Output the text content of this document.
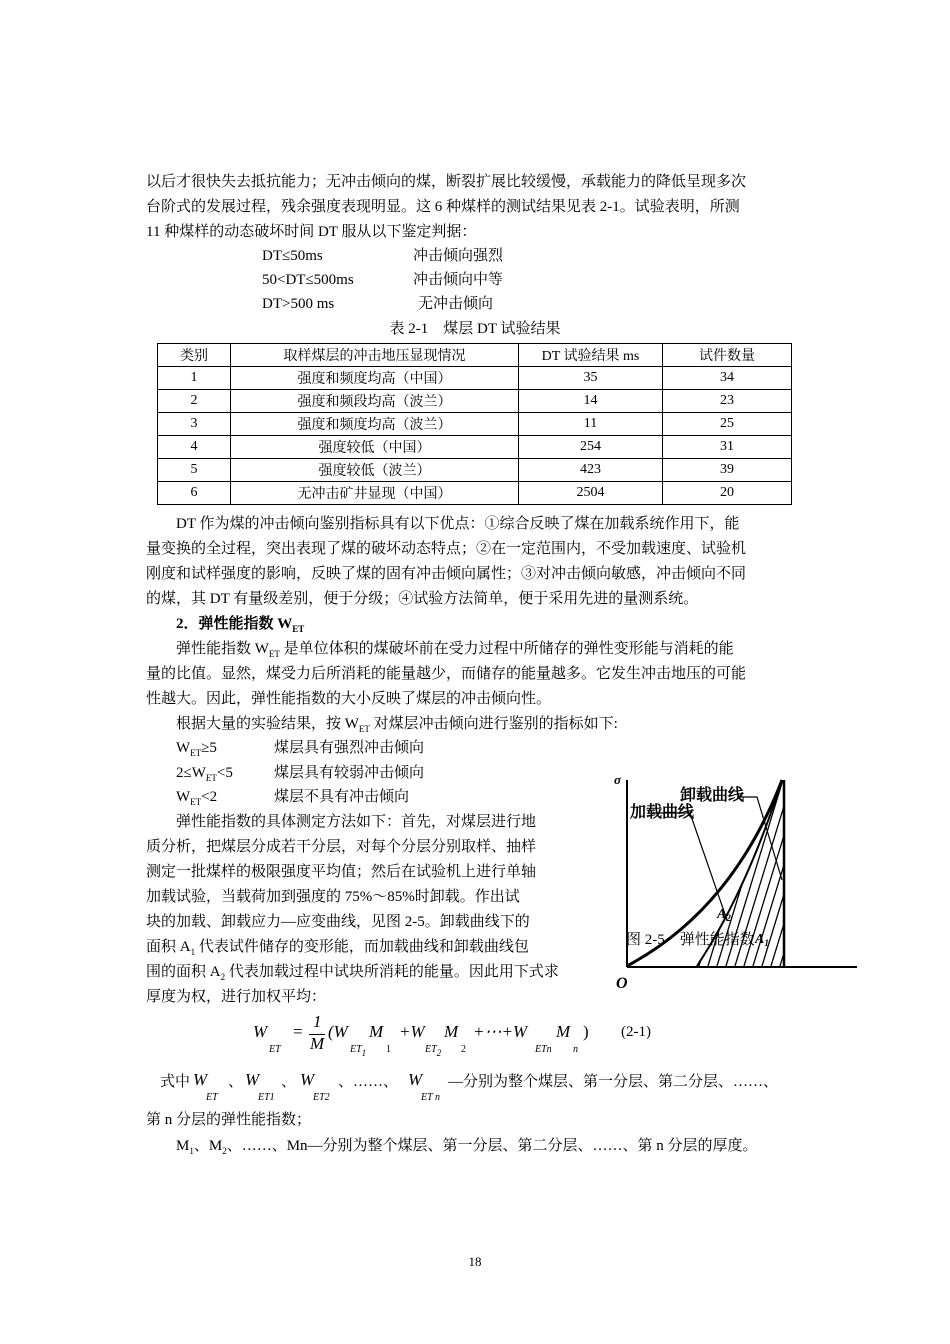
以后才很快失去抵抗能力；无冲击倾向的煤，断裂扩展比较缓慢，承载能力的降低呈现多次
台阶式的发展过程，残余强度表现明显。这 6 种煤样的测试结果见表 2-1。试验表明，所测
11 种煤样的动态破坏时间 DT 服从以下鉴定判据：
DT≤50ms	冲击倾向强烈
50<DT≤500ms	冲击倾向中等
DT>500 ms	无冲击倾向
表 2-1　煤层 DT 试验结果
类别	取样煤层的冲击地压显现情况	DT 试验结果 ms	试件数量
1	强度和频度均高（中国）	35	34
2	强度和频段均高（波兰）	14	23
3	强度和频度均高（波兰）	11	25
4	强度较低（中国）	254	31
5	强度较低（波兰）	423	39
6	无冲击矿井显现（中国）	2504	20
DT 作为煤的冲击倾向鉴别指标具有以下优点：①综合反映了煤在加载系统作用下，能
量变换的全过程，突出表现了煤的破坏动态特点；②在一定范围内，不受加载速度、试验机
刚度和试样强度的影响，反映了煤的固有冲击倾向属性；③对冲击倾向敏感，冲击倾向不同
的煤，其 DT 有量级差别，便于分级；④试验方法简单，便于采用先进的量测系统。
2．弹性能指数 $W_{ET}$
弹性能指数 $W_{ET}$ 是单位体积的煤破坏前在受力过程中所储存的弹性变形能与消耗的能
量的比值。显然，煤受力后所消耗的能量越少，而储存的能量越多。它发生冲击地压的可能
性越大。因此，弹性能指数的大小反映了煤层的冲击倾向性。
根据大量的实验结果，按 $W_{ET}$ 对煤层冲击倾向进行鉴别的指标如下:
$W_{ET}\ge 5$	煤层具有强烈冲击倾向
$2\le W_{ET}<5$	煤层具有较弱冲击倾向
$W_{ET}<2$	煤层不具有冲击倾向
弹性能指数的具体测定方法如下：首先，对煤层进行地
质分析，把煤层分成若干分层，对每个分层分别取样、抽样
测定一批煤样的极限强度平均值；然后在试验机上进行单轴
加载试验，当载荷加到强度的 75%～85%时卸载。作出试
块的加载、卸载应力—应变曲线，见图 2-5。卸载曲线下的
面积 $A_1$ 代表试件储存的变形能，而加载曲线和卸载曲线包
围的面积 $A_2$ 代表加载过程中试块所消耗的能量。因此用下式求
厚度为权，进行加权平均：
σ
O
卸载曲线
加载曲线
$A_2$
$A_1$
图 2-5　弹性能指数
W
ET
=
1
M
(W
$ET_1$
M
1
+W
$ET_2$
M
2
+⋯+W
ETn
M
n
) (2-1)
式中 W
ET
、 W
ET1
、 W
ET2
、……、 W
ET n
—分别为整个煤层、第一分层、第二分层、……、
第 n 分层的弹性能指数；
$M_1$、$M_2$、……、Mn—分别为整个煤层、第一分层、第二分层、……、第 n 分层的厚度。
18
